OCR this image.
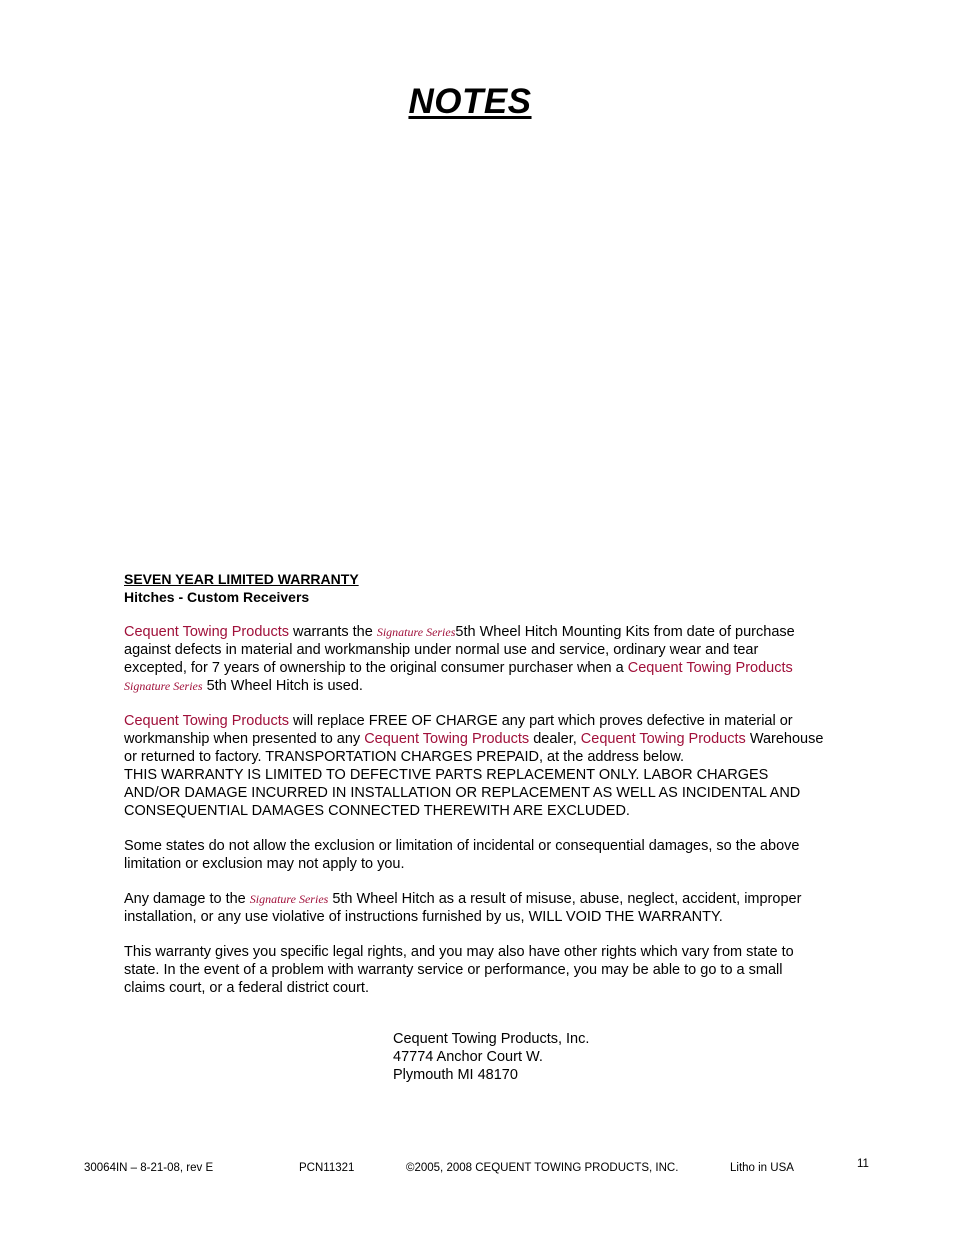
NOTES
SEVEN YEAR LIMITED WARRANTY
Hitches - Custom Receivers

Cequent Towing Products warrants the Signature Series5th Wheel Hitch Mounting Kits from date of purchase against defects in material and workmanship under normal use and service, ordinary wear and tear excepted, for 7 years of ownership to the original consumer purchaser when a Cequent Towing Products
Signature Series 5th Wheel Hitch is used.

Cequent Towing Products will replace FREE OF CHARGE any part which proves defective in material or workmanship when presented to any Cequent Towing Products dealer, Cequent Towing Products Warehouse or returned to factory. TRANSPORTATION CHARGES PREPAID, at the address below.
THIS WARRANTY IS LIMITED TO DEFECTIVE PARTS REPLACEMENT ONLY. LABOR CHARGES AND/OR DAMAGE INCURRED IN INSTALLATION OR REPLACEMENT AS WELL AS INCIDENTAL AND CONSEQUENTIAL DAMAGES CONNECTED THEREWITH ARE EXCLUDED.

Some states do not allow the exclusion or limitation of incidental or consequential damages, so the above limitation or exclusion may not apply to you.

Any damage to the Signature Series 5th Wheel Hitch as a result of misuse, abuse, neglect, accident, improper installation, or any use violative of instructions furnished by us, WILL VOID THE WARRANTY.

This warranty gives you specific legal rights, and you may also have other rights which vary from state to state. In the event of a problem with warranty service or performance, you may be able to go to a small claims court, or a federal district court.

Cequent Towing Products, Inc.
47774 Anchor Court W.
Plymouth MI 48170
30064IN – 8-21-08, rev E	PCN11321	©2005, 2008 CEQUENT TOWING PRODUCTS, INC.	Litho in USA	11
